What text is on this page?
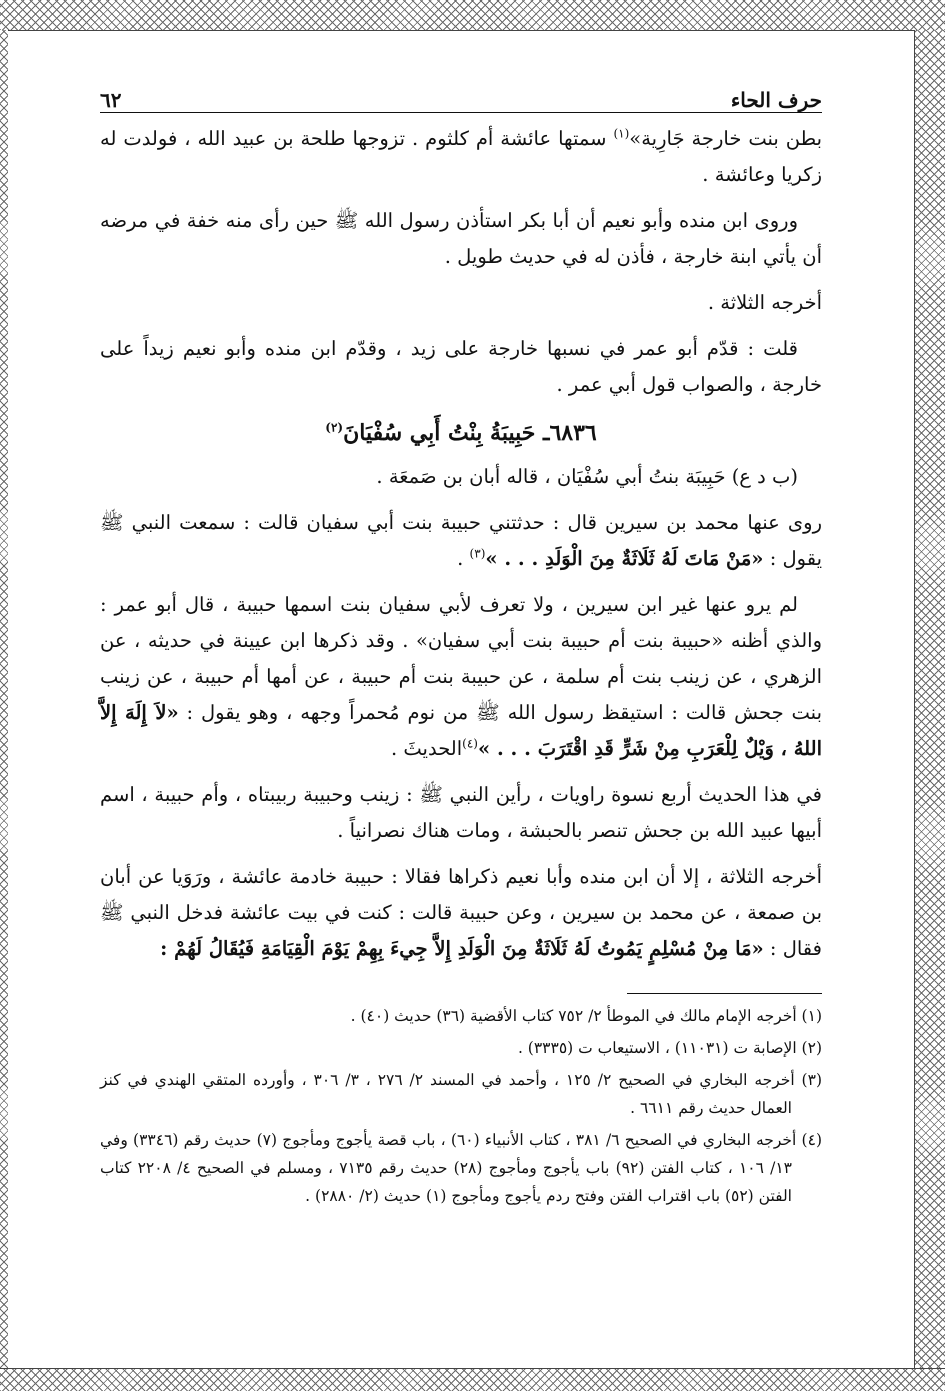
حرف الحاء
٦٢

بطن بنت خارجة جَارِية»$^{(١)}$ سمتها عائشة أم كلثوم . تزوجها طلحة بن عبيد الله ، فولدت له زكريا وعائشة .

وروى ابن منده وأبو نعيم أن أبا بكر استأذن رسول الله ﷺ حين رأى منه خفة في مرضه أن يأتي ابنة خارجة ، فأذن له في حديث طويل .

أخرجه الثلاثة .

قلت : قدّم أبو عمر في نسبها خارجة على زيد ، وقدّم ابن منده وأبو نعيم زيداً على خارجة ، والصواب قول أبي عمر .

٦٨٣٦ـ حَبِيبَةُ بِنْتُ أَبِي سُفْيَانَ$^{(٢)}$

(ب د ع) حَبِيبَة بنتُ أبي سُفْيَان ، قاله أبان بن صَمعَة .

روى عنها محمد بن سيرين قال : حدثتني حبيبة بنت أبي سفيان قالت : سمعت النبي ﷺ يقول : «مَنْ مَاتَ لَهُ ثَلَاثَةٌ مِنَ الْوَلَدِ . . . »$^{(٣)}$ .

لم يرو عنها غير ابن سيرين ، ولا تعرف لأبي سفيان بنت اسمها حبيبة ، قال أبو عمر : والذي أظنه «حبيبة بنت أم حبيبة بنت أبي سفيان» . وقد ذكرها ابن عيينة في حديثه ، عن الزهري ، عن زينب بنت أم سلمة ، عن حبيبة بنت أم حبيبة ، عن أمها أم حبيبة ، عن زينب بنت جحش قالت : استيقظ رسول الله ﷺ من نوم مُحمراً وجهه ، وهو يقول : «لاَ إِلَهَ إِلاَّ اللهُ ، وَيْلٌ لِلْعَرَبِ مِنْ شَرٍّ قَدِ اقْتَرَبَ . . . »$^{(٤)}$الحديثَ .

في هذا الحديث أربع نسوة راويات ، رأين النبي ﷺ : زينب وحبيبة ربيبتاه ، وأم حبيبة ، اسم أبيها عبيد الله بن جحش تنصر بالحبشة ، ومات هناك نصرانياً .

أخرجه الثلاثة ، إلا أن ابن منده وأبا نعيم ذكراها فقالا : حبيبة خادمة عائشة ، ورَوَيا عن أبان بن صمعة ، عن محمد بن سيرين ، وعن حبيبة قالت : كنت في بيت عائشة فدخل النبي ﷺ فقال : «مَا مِنْ مُسْلِمٍ يَمُوتُ لَهُ ثَلَاثَةٌ مِنَ الْوَلَدِ إِلاَّ جِيءَ بِهِمْ يَوْمَ الْقِيَامَةِ فَيُقَالُ لَهُمْ :

(١) أخرجه الإمام مالك في الموطأ ٢/ ٧٥٢ كتاب الأقضية (٣٦) حديث (٤٠) .

(٢) الإصابة ت (١١٠٣١) ، الاستيعاب ت (٣٣٣٥) .

(٣) أخرجه البخاري في الصحيح ٢/ ١٢٥ ، وأحمد في المسند ٢/ ٢٧٦ ، ٣/ ٣٠٦ ، وأورده المتقي الهندي في كنز العمال حديث رقم ٦٦١١ .

(٤) أخرجه البخاري في الصحيح ٦/ ٣٨١ ، كتاب الأنبياء (٦٠) ، باب قصة يأجوج ومأجوج (٧) حديث رقم (٣٣٤٦) وفي ١٣/ ١٠٦ ، كتاب الفتن (٩٢) باب يأجوج ومأجوج (٢٨) حديث رقم ٧١٣٥ ، ومسلم في الصحيح ٤/ ٢٢٠٨ كتاب الفتن (٥٢) باب اقتراب الفتن وفتح ردم يأجوج ومأجوج (١) حديث (٢/ ٢٨٨٠) .
